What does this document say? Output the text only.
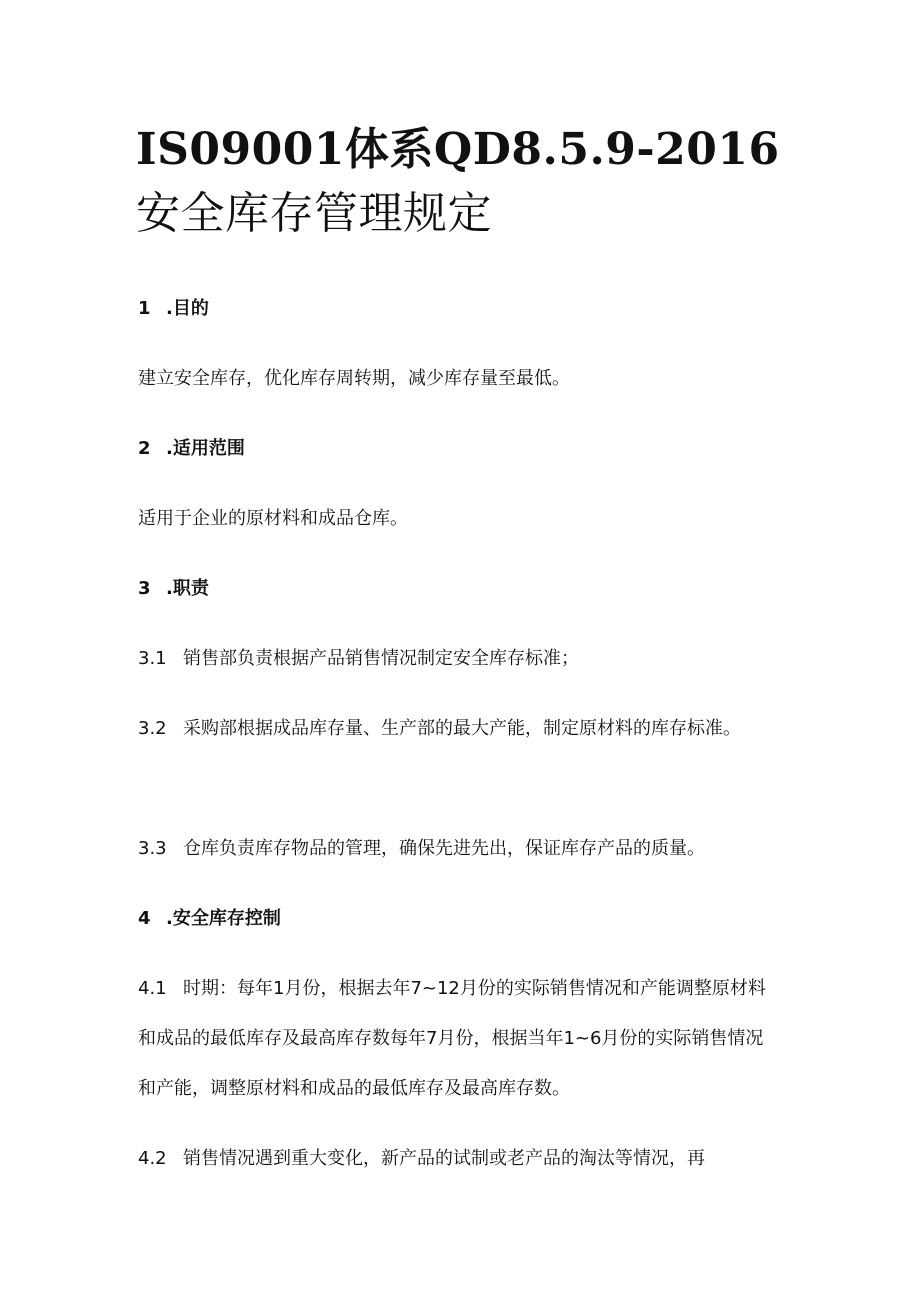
IS09001体系QD8.5.9-2016安全库存管理规定
1 .目的
建立安全库存，优化库存周转期，减少库存量至最低。
2 .适用范围
适用于企业的原材料和成品仓库。
3 .职责
3.1 销售部负责根据产品销售情况制定安全库存标准；
3.2 采购部根据成品库存量、生产部的最大产能，制定原材料的库存标准。
3.3 仓库负责库存物品的管理，确保先进先出，保证库存产品的质量。
4 .安全库存控制
4.1 时期：每年1月份，根据去年7~12月份的实际销售情况和产能调整原材料和成品的最低库存及最高库存数每年7月份，根据当年1~6月份的实际销售情况和产能，调整原材料和成品的最低库存及最高库存数。
4.2 销售情况遇到重大变化，新产品的试制或老产品的淘汰等情况，再
